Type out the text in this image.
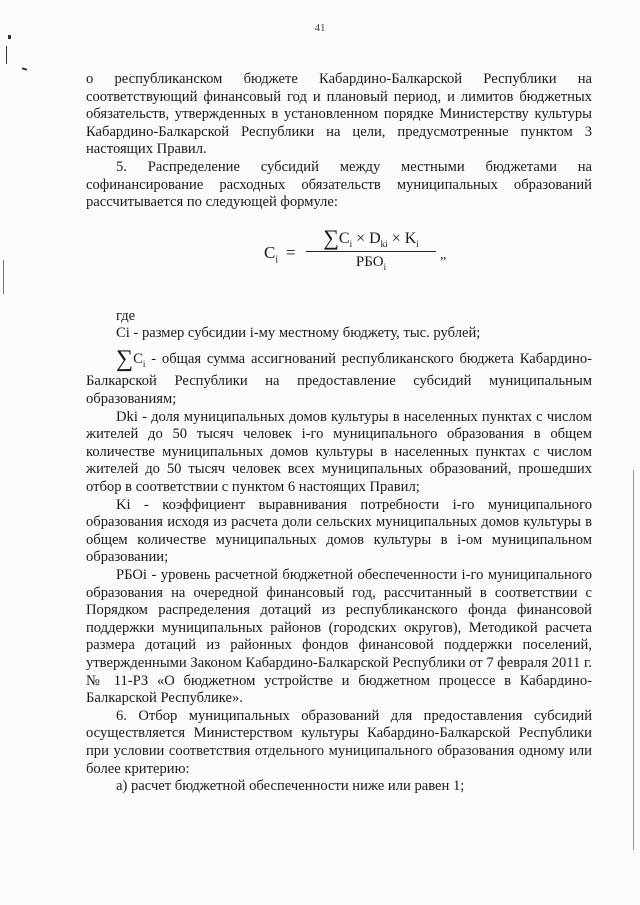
41

о республиканском бюджете Кабардино-Балкарской Республики на соответствующий финансовый год и плановый период, и лимитов бюджетных обязательств, утвержденных в установленном порядке Министерству культуры Кабардино-Балкарской Республики на цели, предусмотренные пунктом 3 настоящих Правил.

5. Распределение субсидий между местными бюджетами на софинансирование расходных обязательств муниципальных образований рассчитывается по следующей формуле:

$C_i$ =
$\sum C_i \times D_{ki} \times K_i$
$РБО_i$	”

где

Ci - размер субсидии i-му местному бюджету, тыс. рублей;

$\sum C_i$ - общая сумма ассигнований республиканского бюджета Кабардино-Балкарской Республики на предоставление субсидий муниципальным образованиям;

Dki - доля муниципальных домов культуры в населенных пунктах с числом жителей до 50 тысяч человек i-го муниципального образования в общем количестве муниципальных домов культуры в населенных пунктах с числом жителей до 50 тысяч человек всех муниципальных образований, прошедших отбор в соответствии с пунктом 6 настоящих Правил;

Ki - коэффициент выравнивания потребности i-го муниципального образования исходя из расчета доли сельских муниципальных домов культуры в общем количестве муниципальных домов культуры в i-ом муниципальном образовании;

РБОi - уровень расчетной бюджетной обеспеченности i-го муниципального образования на очередной финансовый год, рассчитанный в соответствии с Порядком распределения дотаций из республиканского фонда финансовой поддержки муниципальных районов (городских округов), Методикой расчета размера дотаций из районных фондов финансовой поддержки поселений, утвержденными Законом Кабардино-Балкарской Республики от 7 февраля 2011 г. № 11-РЗ «О бюджетном устройстве и бюджетном процессе в Кабардино-Балкарской Республике».

6. Отбор муниципальных образований для предоставления субсидий осуществляется Министерством культуры Кабардино-Балкарской Республики при условии соответствия отдельного муниципального образования одному или более критерию:

а) расчет бюджетной обеспеченности ниже или равен 1;
